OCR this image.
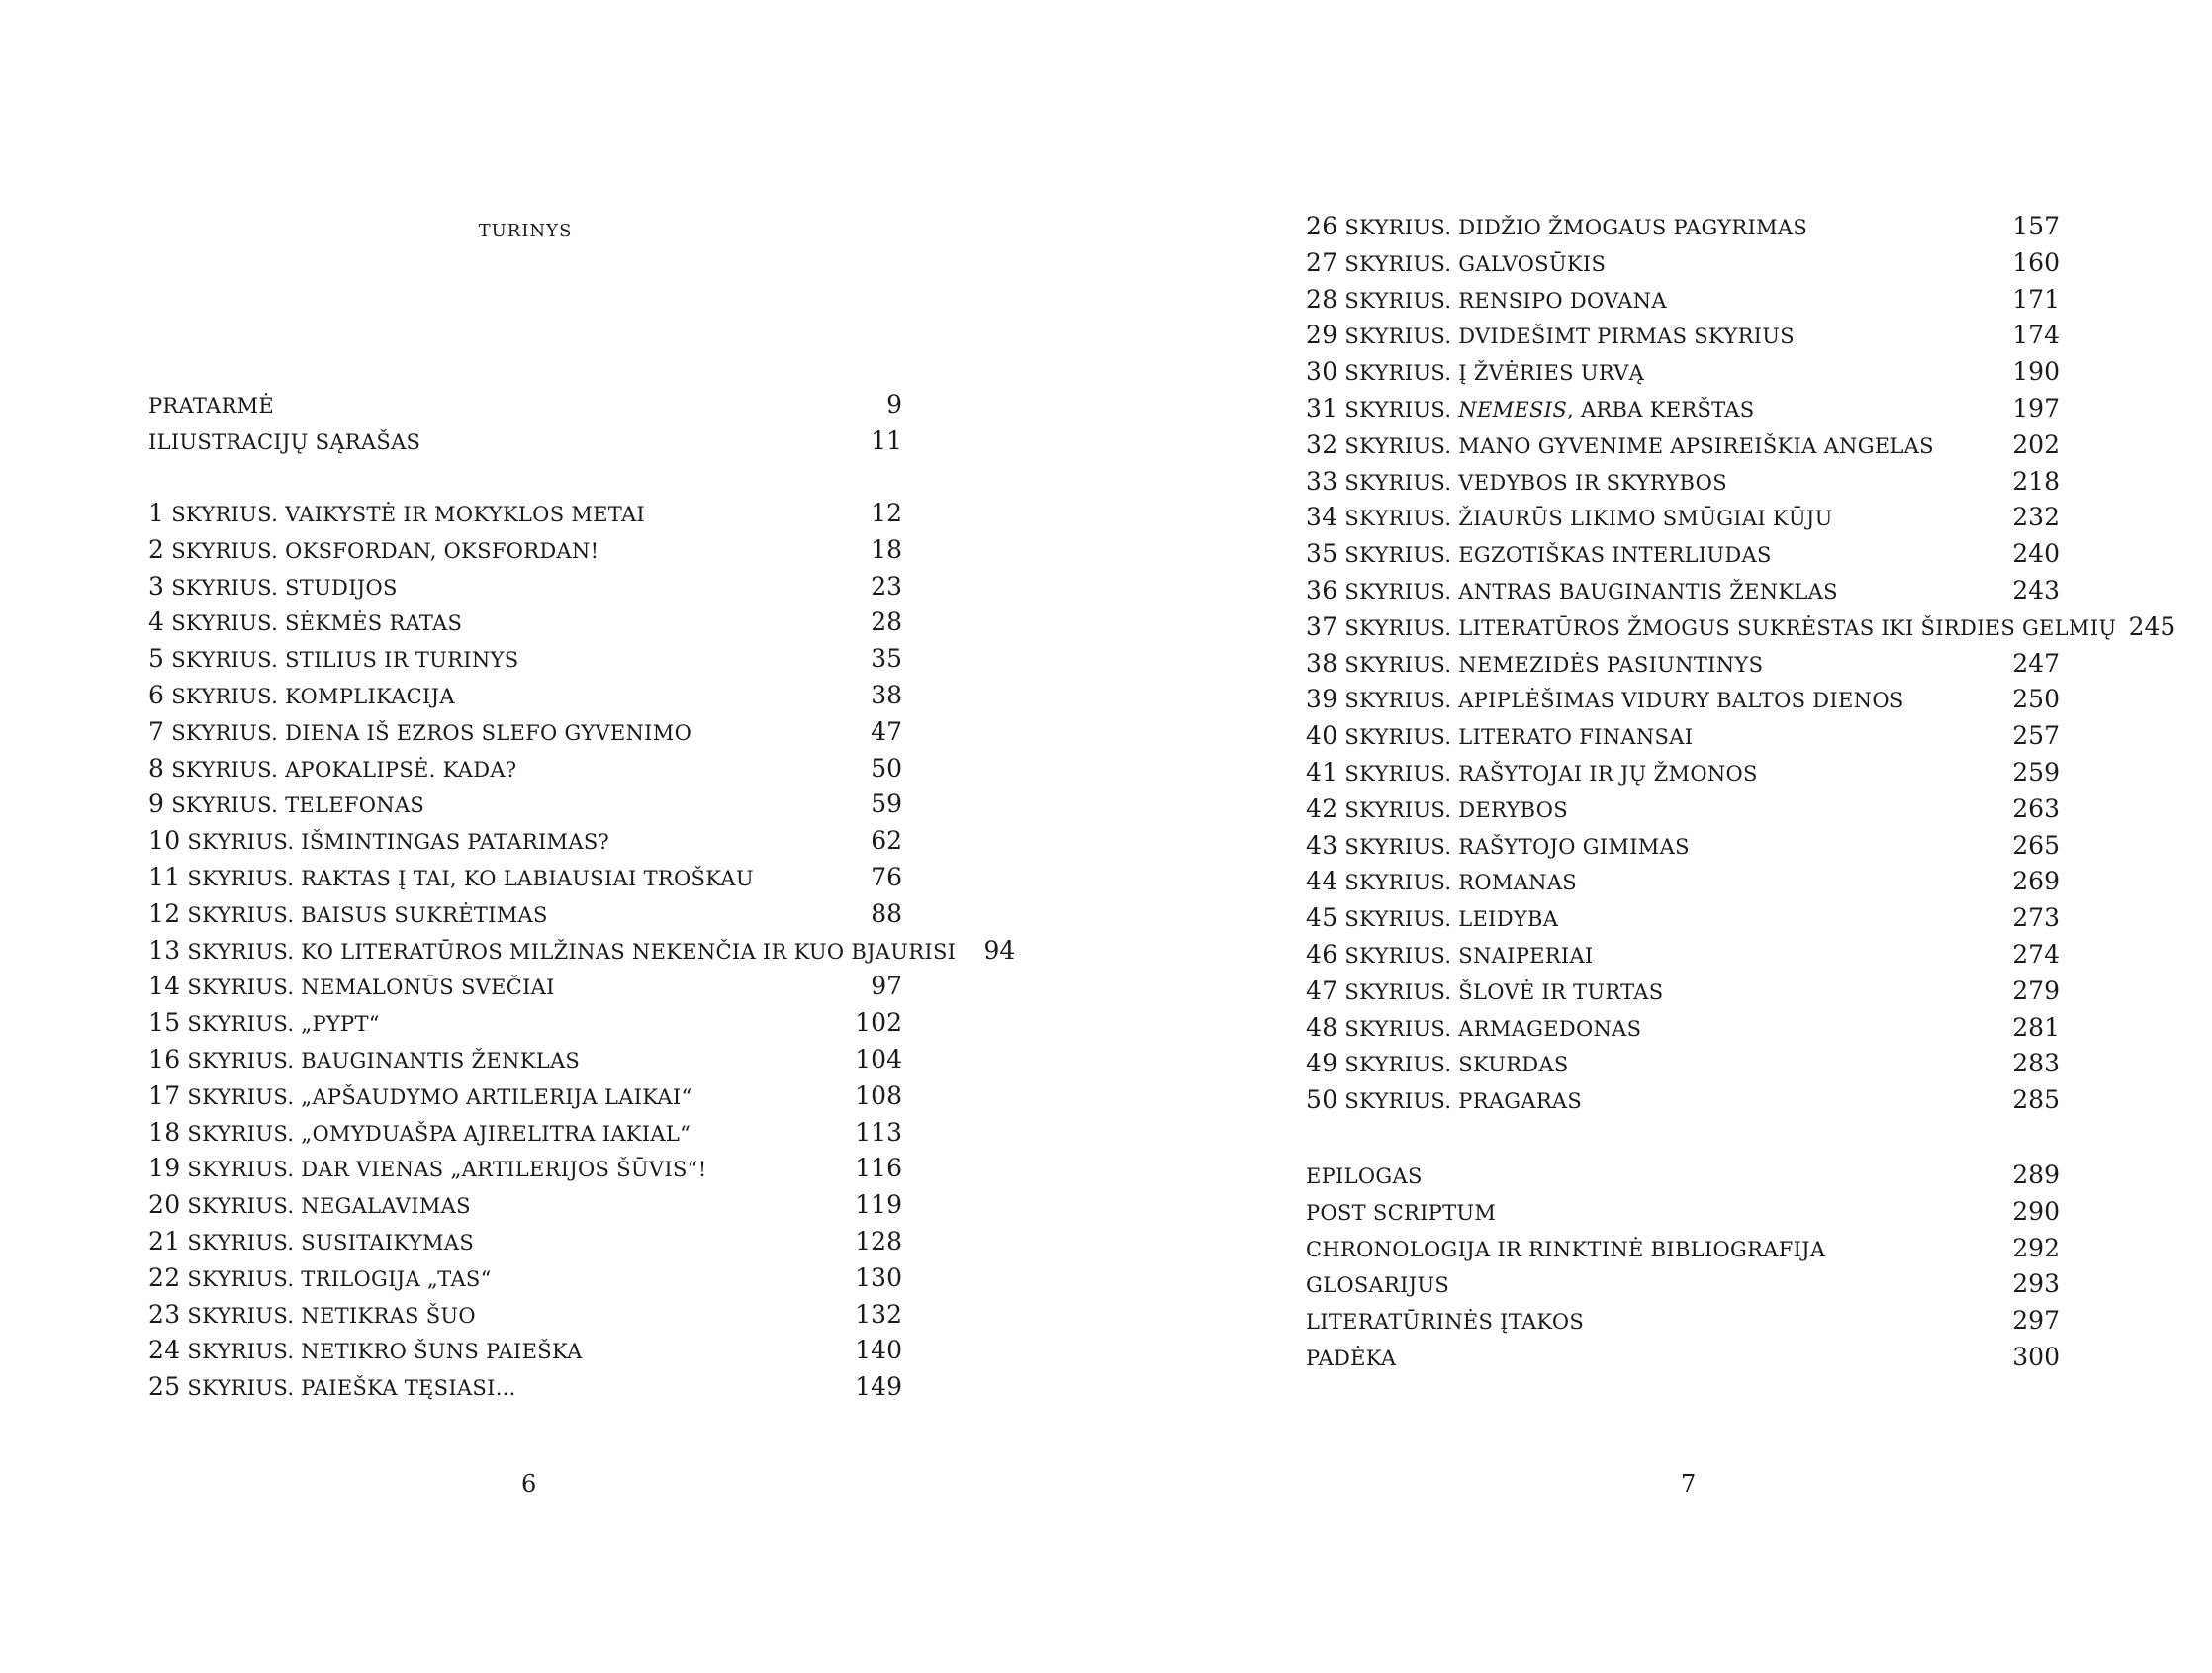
turinys
PRATARMĖ	9
ILIUSTRACIJŲ SĄRAŠAS	11
1 SKYRIUS. VAIKYSTĖ IR MOKYKLOS METAI	12
2 SKYRIUS. OKSFORDAN, OKSFORDAN!	18
3 SKYRIUS. STUDIJOS	23
4 SKYRIUS. SĖKMĖS RATAS	28
5 SKYRIUS. STILIUS IR TURINYS	35
6 SKYRIUS. KOMPLIKACIJA	38
7 SKYRIUS. DIENA IŠ EZROS SLEFO GYVENIMO	47
8 SKYRIUS. APOKALIPSĖ. KADA?	50
9 SKYRIUS. TELEFONAS	59
10 SKYRIUS. IŠMINTINGAS PATARIMAS?	62
11 SKYRIUS. RAKTAS Į TAI, KO LABIAUSIAI TROŠKAU	76
12 SKYRIUS. BAISUS SUKRĖTIMAS	88
13 SKYRIUS. KO LITERATŪROS MILŽINAS NEKENČIA IR KUO BJAURISI	94
14 SKYRIUS. NEMALONŪS SVEČIAI	97
15 SKYRIUS. „PYPT“	102
16 SKYRIUS. BAUGINANTIS ŽENKLAS	104
17 SKYRIUS. „APŠAUDYMO ARTILERIJA LAIKAI“	108
18 SKYRIUS. „OMYDUAŠPA AJIRELITRA IAKIAL“	113
19 SKYRIUS. DAR VIENAS „ARTILERIJOS ŠŪVIS“!	116
20 SKYRIUS. NEGALAVIMAS	119
21 SKYRIUS. SUSITAIKYMAS	128
22 SKYRIUS. TRILOGIJA „TAS“	130
23 SKYRIUS. NETIKRAS ŠUO	132
24 SKYRIUS. NETIKRO ŠUNS PAIEŠKA	140
25 SKYRIUS. PAIEŠKA TĘSIASI...	149
6
26 SKYRIUS. DIDŽIO ŽMOGAUS PAGYRIMAS	157
27 SKYRIUS. GALVOSŪKIS	160
28 SKYRIUS. RENSIPO DOVANA	171
29 SKYRIUS. DVIDEŠIMT PIRMAS SKYRIUS	174
30 SKYRIUS. Į ŽVĖRIES URVĄ	190
31 SKYRIUS. NEMESIS, ARBA KERŠTAS	197
32 SKYRIUS. MANO GYVENIME APSIREIŠKIA ANGELAS	202
33 SKYRIUS. VEDYBOS IR SKYRYBOS	218
34 SKYRIUS. ŽIAURŪS LIKIMO SMŪGIAI KŪJU	232
35 SKYRIUS. EGZOTIŠKAS INTERLIUDAS	240
36 SKYRIUS. ANTRAS BAUGINANTIS ŽENKLAS	243
37 SKYRIUS. LITERATŪROS ŽMOGUS SUKRĖSTAS IKI ŠIRDIES GELMIŲ 245
38 SKYRIUS. NEMEZIDĖS PASIUNTINYS	247
39 SKYRIUS. APIPLĖŠIMAS VIDURY BALTOS DIENOS	250
40 SKYRIUS. LITERATO FINANSAI	257
41 SKYRIUS. RAŠYTOJAI IR JŲ ŽMONOS	259
42 SKYRIUS. DERYBOS	263
43 SKYRIUS. RAŠYTOJO GIMIMAS	265
44 SKYRIUS. ROMANAS	269
45 SKYRIUS. LEIDYBA	273
46 SKYRIUS. SNAIPERIAI	274
47 SKYRIUS. ŠLOVĖ IR TURTAS	279
48 SKYRIUS. ARMAGEDONAS	281
49 SKYRIUS. SKURDAS	283
50 SKYRIUS. PRAGARAS	285
EPILOGAS	289
POST SCRIPTUM	290
CHRONOLOGIJA IR RINKTINĖ BIBLIOGRAFIJA	292
GLOSARIJUS	293
LITERATŪRINĖS ĮTAKOS	297
PADĖKA	300
7
